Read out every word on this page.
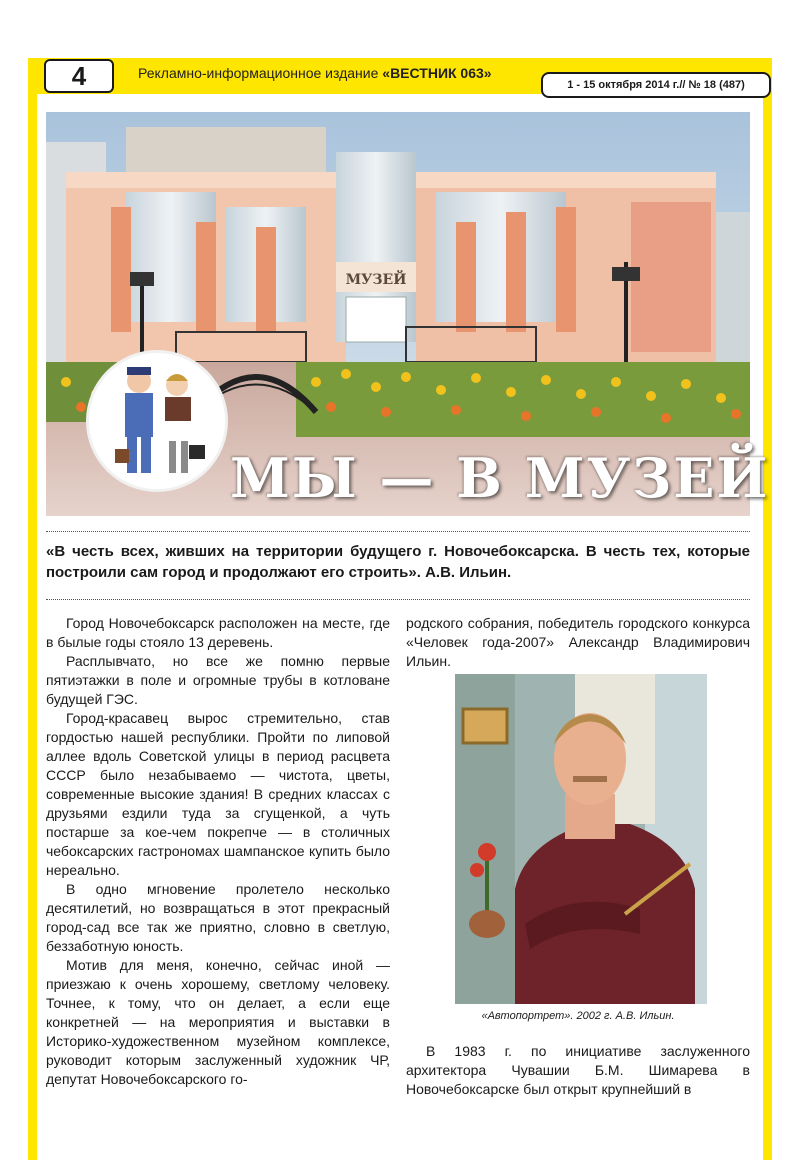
4	Рекламно-информационное издание «ВЕСТНИК 063»
1 - 15 октября 2014 г.// № 18 (487)
МУЗЕЙ
МЫ — В МУЗЕЙ
«В честь всех, живших на территории будущего г. Новочебоксарска. В честь тех, которые построили сам город и продолжают его строить». А.В. Ильин.

Город Новочебоксарск расположен на месте, где в былые годы стояло 13 деревень.

Расплывчато, но все же помню первые пятиэтажки в поле и огромные трубы в котловане будущей ГЭС.

Город-красавец вырос стремительно, став гордостью нашей республики. Пройти по липовой аллее вдоль Советской улицы в период расцвета СССР было незабываемо — чистота, цветы, современные высокие здания! В средних классах с друзьями ездили туда за сгущенкой, а чуть постарше за кое-чем покрепче — в столичных чебоксарских гастрономах шампанское купить было нереально.

В одно мгновение пролетело несколько десятилетий, но возвращаться в этот прекрасный город-сад все так же приятно, словно в светлую, беззаботную юность.

Мотив для меня, конечно, сейчас иной — приезжаю к очень хорошему, светлому человеку. Точнее, к тому, что он делает, а если еще конкретней — на мероприятия и выставки в Историко-художественном музейном комплексе, руководит которым заслуженный художник ЧР, депутат Новочебоксарского го-

родского собрания, победитель городского конкурса «Человек года-2007» Александр Владимирович Ильин.

«Автопортрет». 2002 г. А.В. Ильин.

В 1983 г. по инициативе заслуженного архитектора Чувашии Б.М. Шимарева в Новочебоксарске был открыт крупнейший в
